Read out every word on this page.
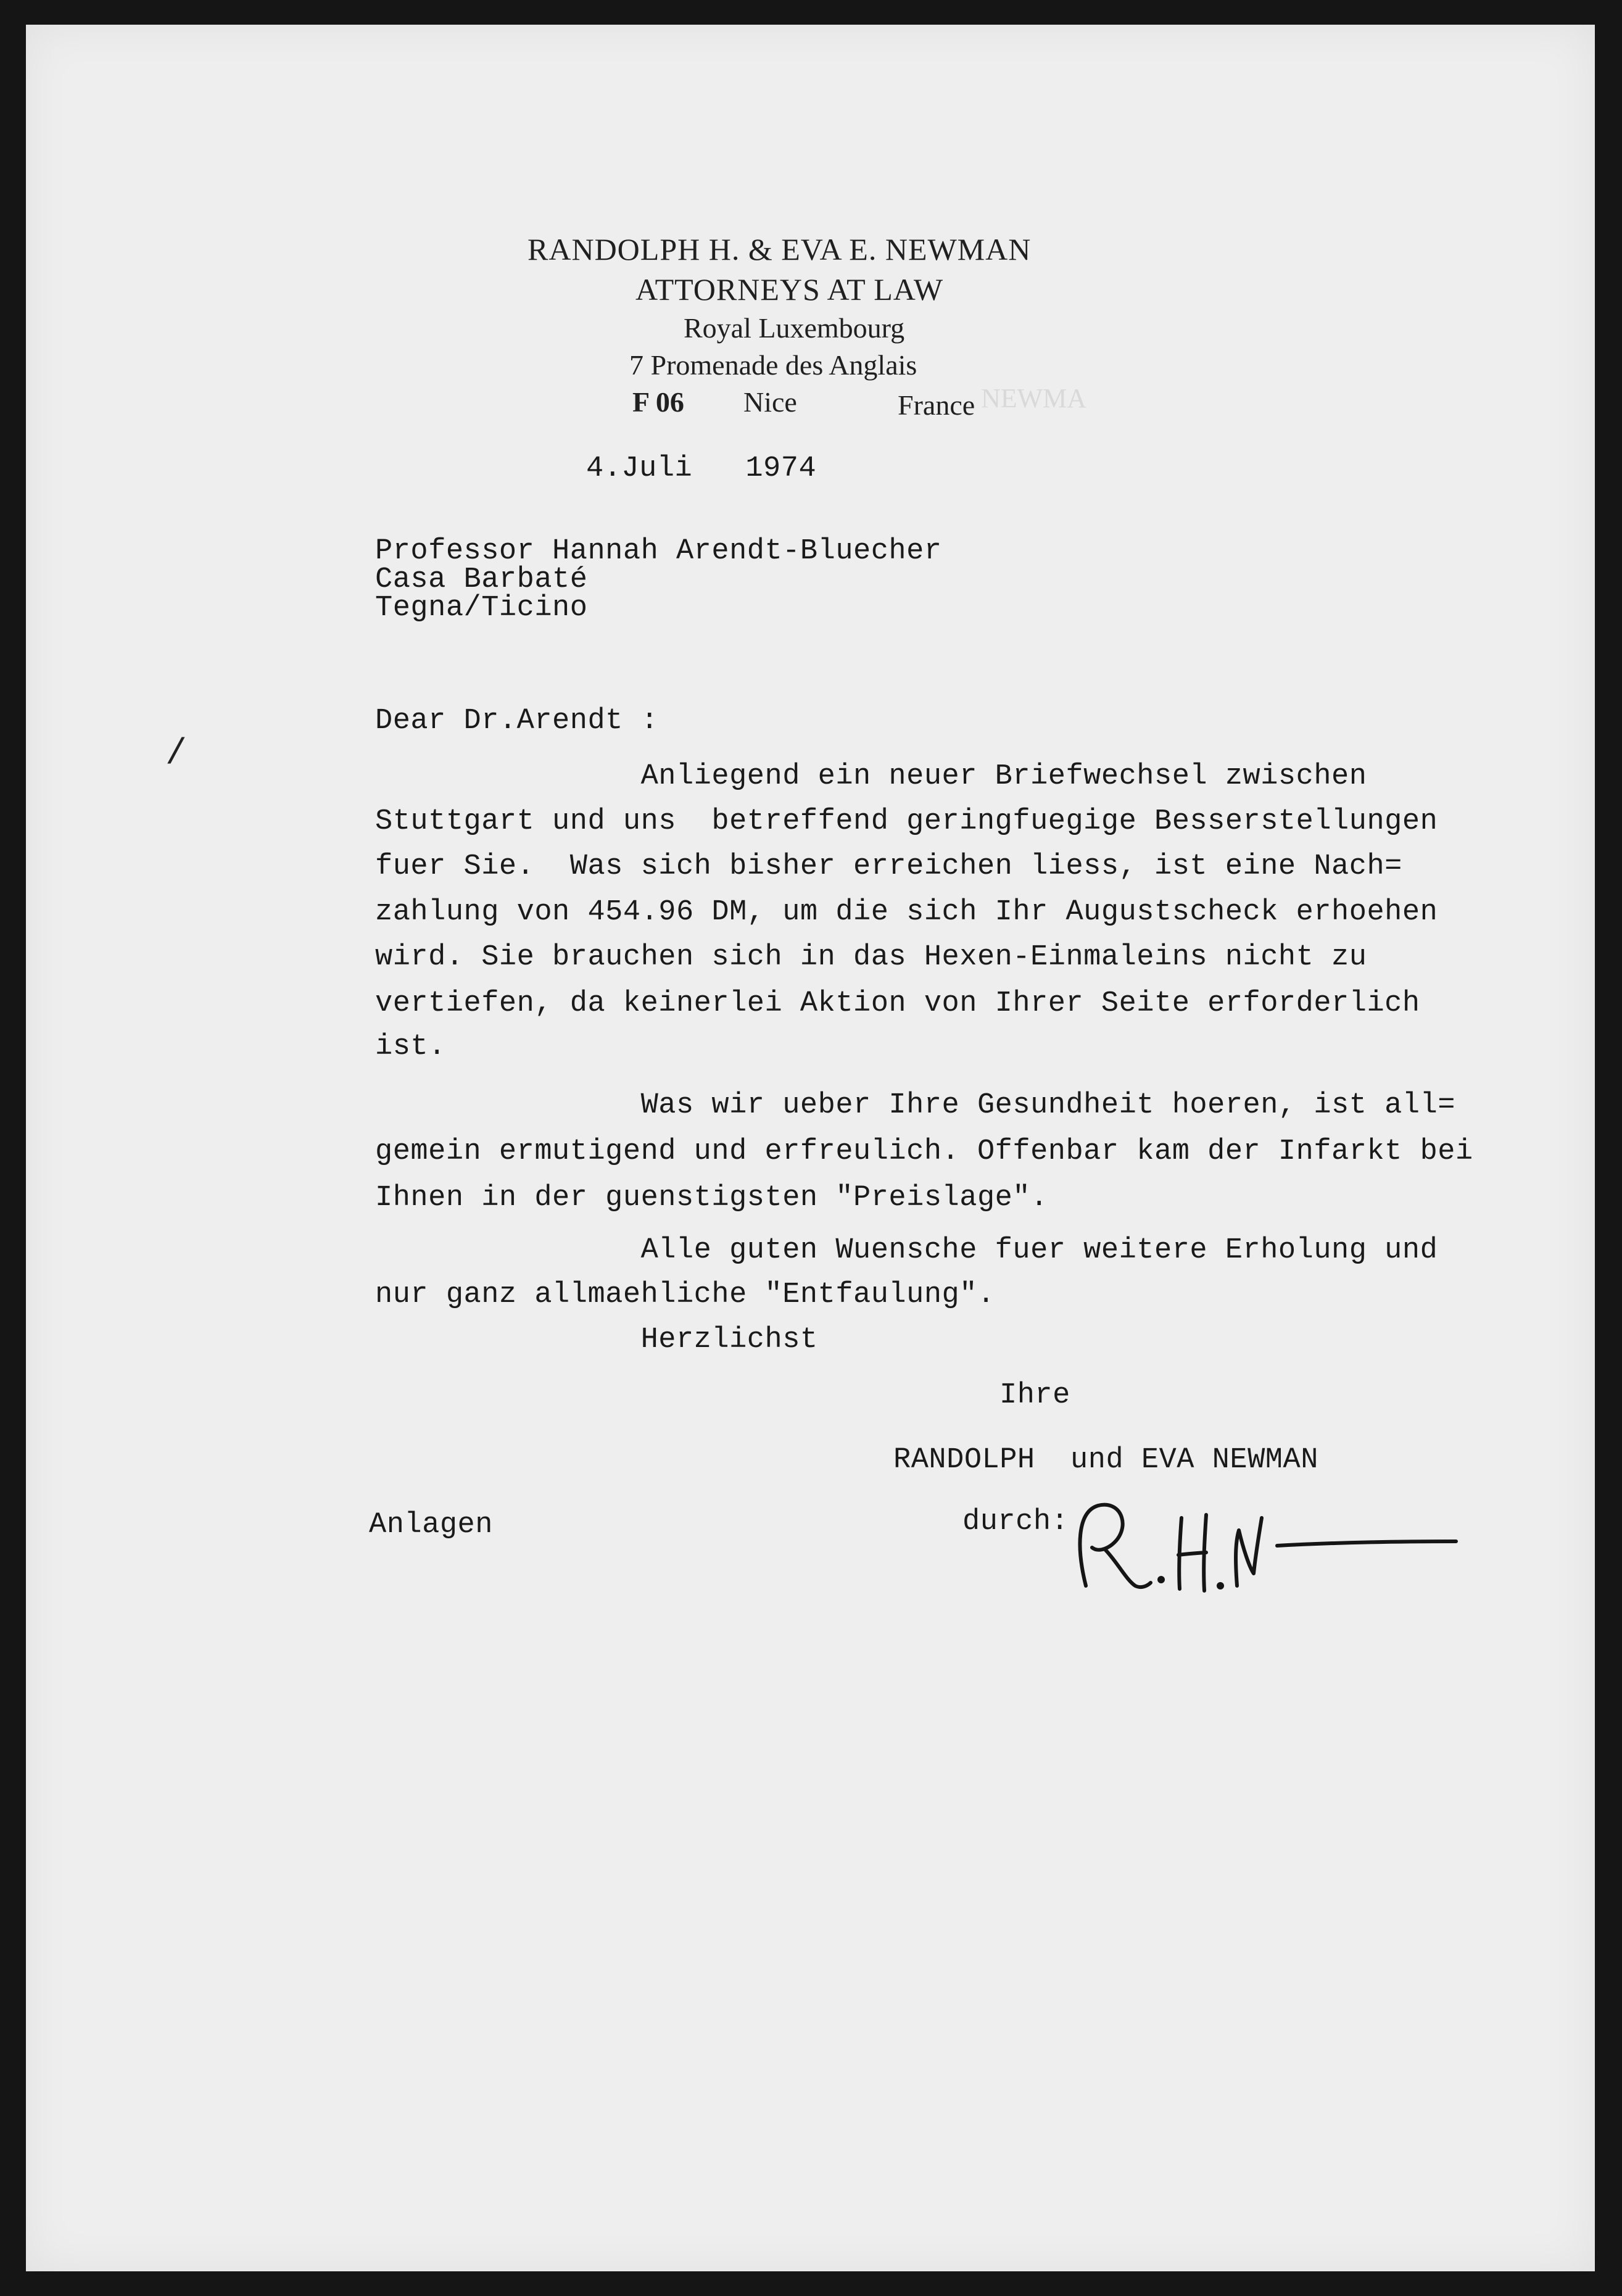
NEWMA
RANDOLPH H. & EVA E. NEWMAN
ATTORNEYS AT LAW
Royal Luxembourg
7 Promenade des Anglais
F 06 Nice	France
4.Juli   1974
Professor Hannah Arendt-Bluecher
Casa Barbaté
Tegna/Ticino
Dear Dr.Arendt :
/
Anliegend ein neuer Briefwechsel zwischen
Stuttgart und uns  betreffend geringfuegige Besserstellungen
fuer Sie.  Was sich bisher erreichen liess, ist eine Nach=
zahlung von 454.96 DM, um die sich Ihr Augustscheck erhoehen
wird. Sie brauchen sich in das Hexen-Einmaleins nicht zu
vertiefen, da keinerlei Aktion von Ihrer Seite erforderlich
ist.
Was wir ueber Ihre Gesundheit hoeren, ist all=
gemein ermutigend und erfreulich. Offenbar kam der Infarkt bei
Ihnen in der guenstigsten "Preislage".
Alle guten Wuensche fuer weitere Erholung und
nur ganz allmaehliche "Entfaulung".
Herzlichst
Ihre
RANDOLPH  und EVA NEWMAN
durch:
Anlagen
